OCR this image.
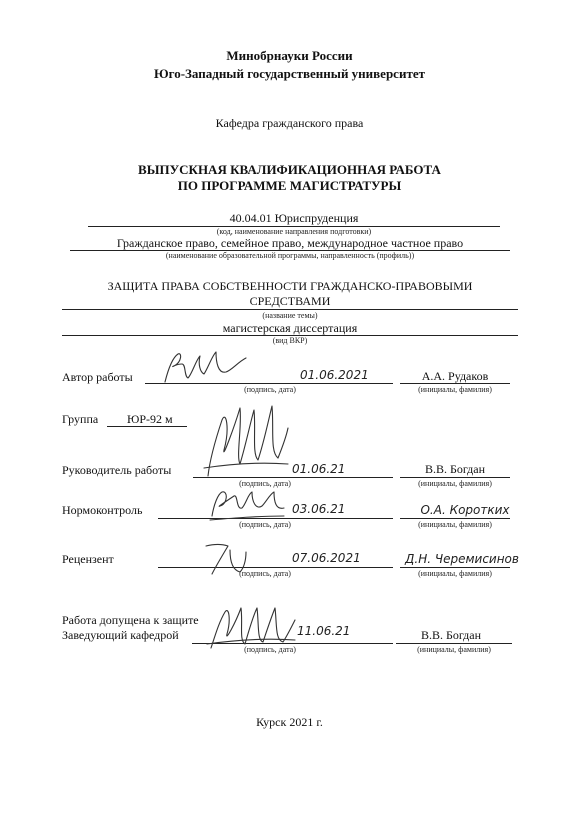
Минобрнауки России
Юго-Западный государственный университет
Кафедра гражданского права
ВЫПУСКНАЯ КВАЛИФИКАЦИОННАЯ РАБОТА
ПО ПРОГРАММЕ МАГИСТРАТУРЫ
40.04.01 Юриспруденция
(код, наименование направления подготовки)
Гражданское право, семейное право, международное частное право
(наименование образовательной программы, направленность (профиль))
ЗАЩИТА ПРАВА СОБСТВЕННОСТИ ГРАЖДАНСКО-ПРАВОВЫМИ
СРЕДСТВАМИ
(название темы)
магистерская диссертация
(вид ВКР)
Автор работы	01.06.2021
(подпись, дата)
А.А. Рудаков
(инициалы, фамилия)
Группа ЮР-92 м
Руководитель работы	01.06.21
(подпись, дата)
В.В. Богдан
(инициалы, фамилия)
Нормоконтроль	03.06.21
(подпись, дата)
О.А. Коротких
(инициалы, фамилия)
Рецензент	07.06.2021
(подпись, дата)
Д.Н. Черемисинов
(инициалы, фамилия)
Работа допущена к защите
Заведующий кафедрой	11.06.21
(подпись, дата)
В.В. Богдан
(инициалы, фамилия)
Курск 2021 г.
